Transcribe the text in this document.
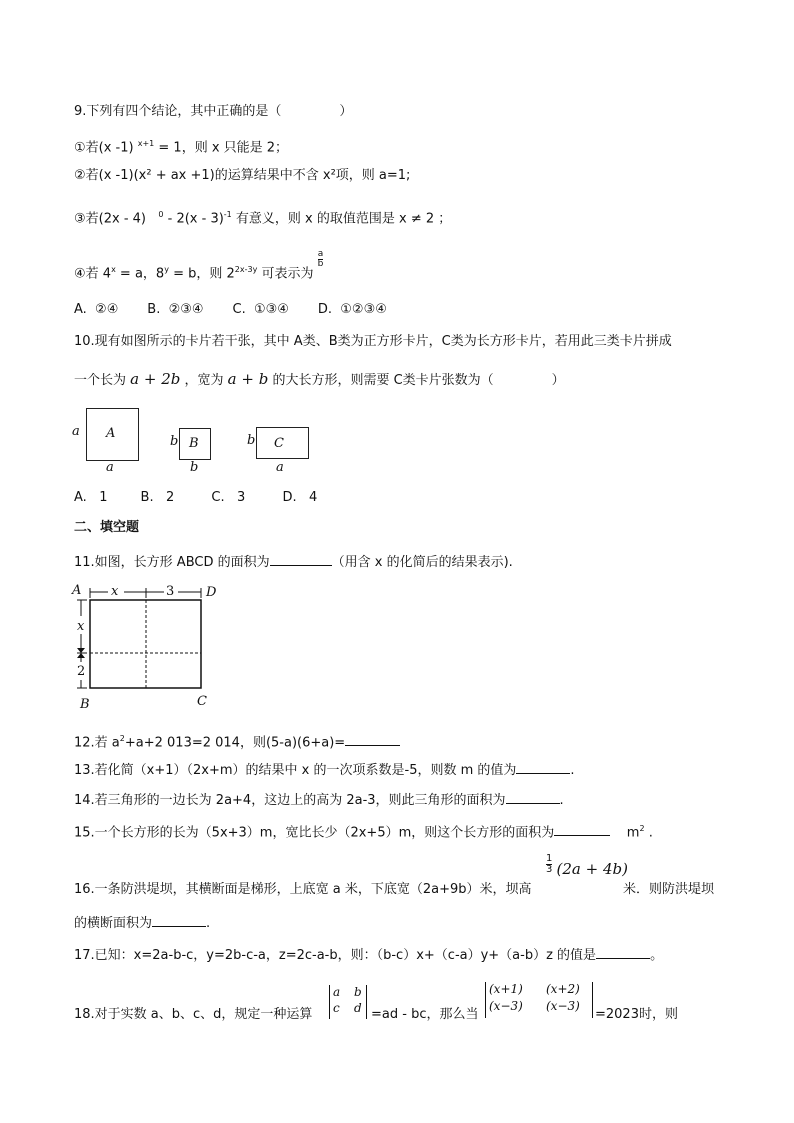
9.下列有四个结论，其中正确的是（	）
①若(x -1) $^{x+1}$ = 1，则 x 只能是 2；
②若(x -1)(x² + ax +1)的运算结果中不含 x²项，则 a=1;
③若(2x - 4) $^0$ - 2(x - 3)$^{-1}$ 有意义，则 x 的取值范围是 x ≠ 2 ；
④若 $4^x = a$，$8^y = b$，则 $2^{2x-3y}$ 可表示为
$\frac{a}{b}$
A.  ②④       B.  ②③④       C.  ①③④       D.  ①②③④
10.现有如图所示的卡片若干张，其中 A类、B类为正方形卡片，C类为长方形卡片，若用此三类卡片拼成
一个长为 a + 2b ，宽为 a + b 的大长方形，则需要 C类卡片张数为（	）
a A
a
b B
b
b C
a
A.   1        B.   2         C.   3         D.   4
二、填空题
11.如图，长方形 ABCD 的面积为	（用含 x 的化简后的结果表示).
A	D
B	C
x	3
x
2
12.若 $a^2+a+2$ 013=2 014，则(5-a)(6+a)=
13.若化简（x+1）（2x+m）的结果中 x 的一次项系数是-5，则数 m 的值为	.
14.若三角形的一边长为 2a+4，这边上的高为 2a-3，则此三角形的面积为	.
15.一个长方形的长为（5x+3）m，宽比长少（2x+5）m，则这个长方形的面积为	$m^2$ .
16.一条防洪堤坝，其横断面是梯形，上底宽 a 米，下底宽（2a+9b）米，坝高
$\frac{1}{3} (2a + 4b)$
米．则防洪堤坝
的横断面积为	.
17.已知：x=2a-b-c，y=2b-c-a，z=2c-a-b，则：（b-c）x+（c-a）y+（a-b）z 的值是	。
18.对于实数 a、b、c、d，规定一种运算
a b
c d =ad - bc，那么当
(x+1) (x+2)
(x−3) (x−3)
=2023时，则
